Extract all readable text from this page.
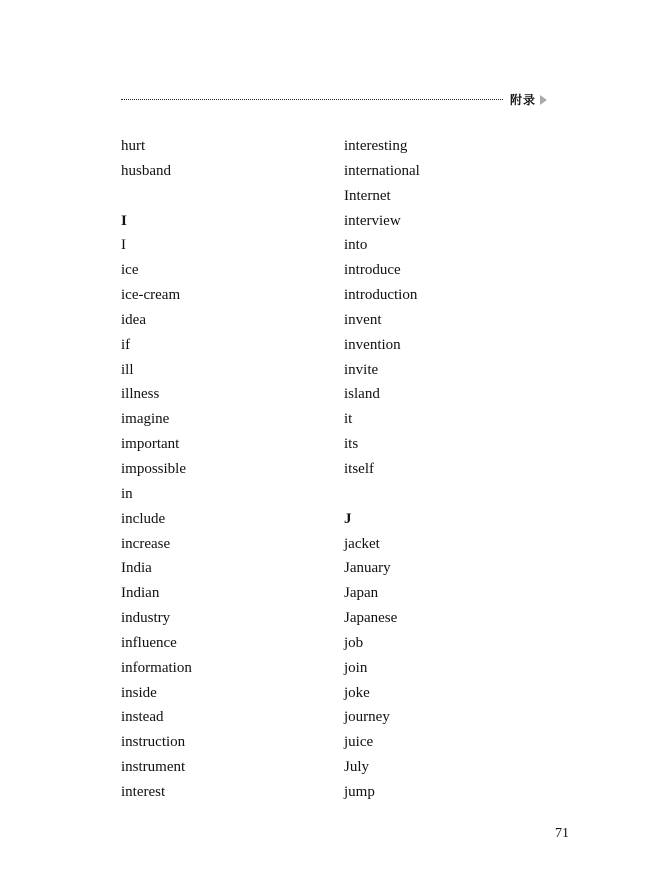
附录
hurt
husband
I
I
ice
ice-cream
idea
if
ill
illness
imagine
important
impossible
in
include
increase
India
Indian
industry
influence
information
inside
instead
instruction
instrument
interest
interesting
international
Internet
interview
into
introduce
introduction
invent
invention
invite
island
it
its
itself
J
jacket
January
Japan
Japanese
job
join
joke
journey
juice
July
jump
71
